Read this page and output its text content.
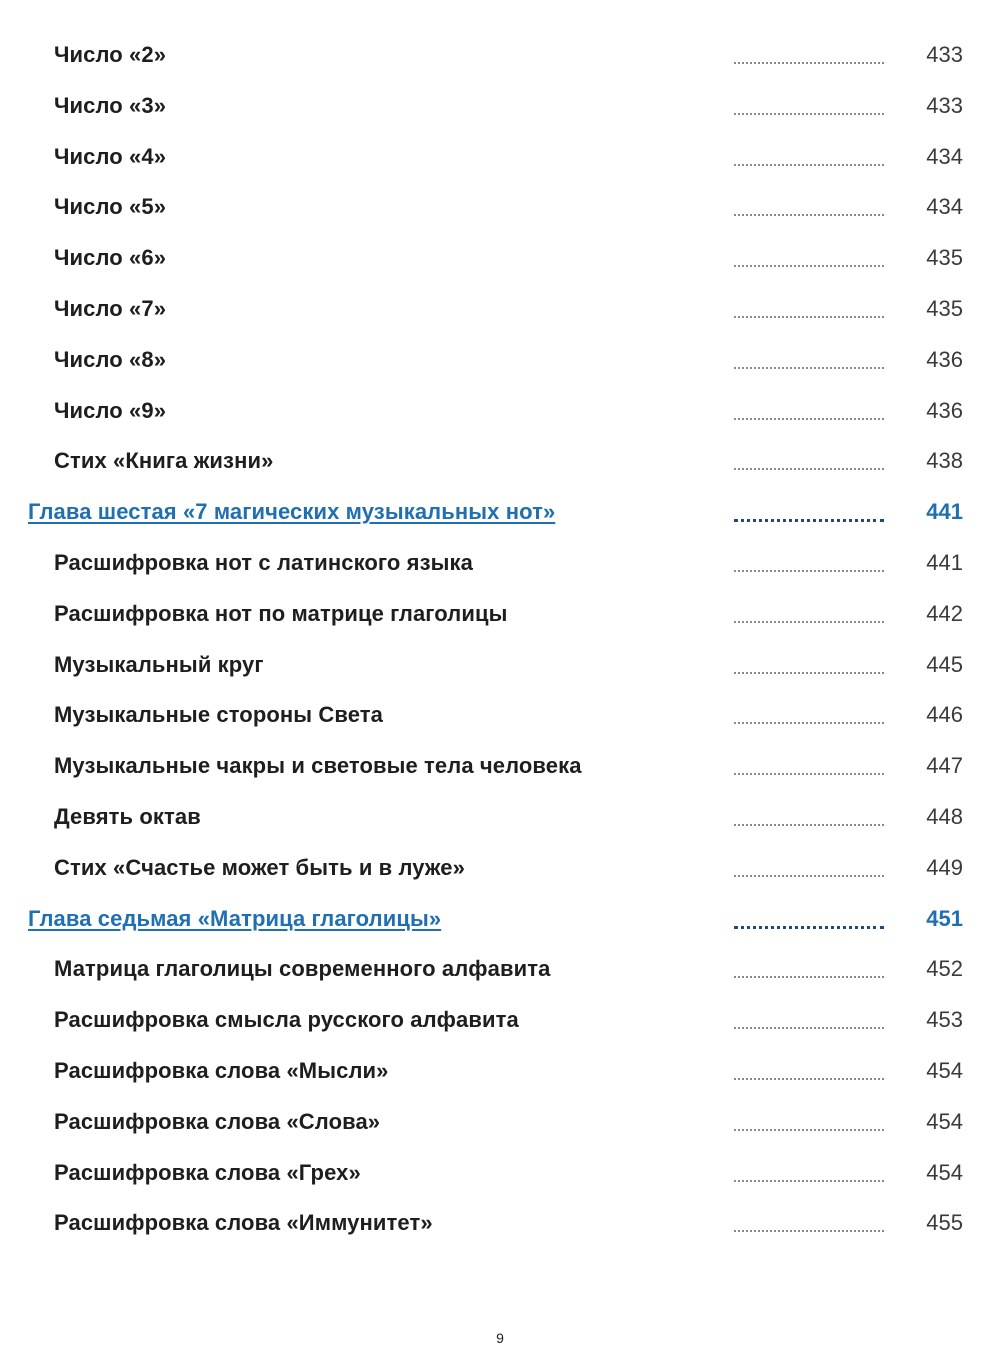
Число «2»	433
Число «3»	433
Число «4»	434
Число «5»	434
Число «6»	435
Число «7»	435
Число «8»	436
Число «9»	436
Стих «Книга жизни»	438
Глава шестая «7 магических музыкальных нот»	441
Расшифровка нот с латинского языка	441
Расшифровка нот по матрице глаголицы	442
Музыкальный круг	445
Музыкальные стороны Света	446
Музыкальные чакры и световые тела человека	447
Девять октав	448
Стих «Счастье может быть и в луже»	449
Глава седьмая «Матрица глаголицы»	451
Матрица глаголицы современного алфавита	452
Расшифровка смысла русского алфавита	453
Расшифровка слова «Мысли»	454
Расшифровка слова «Слова»	454
Расшифровка слова «Грех»	454
Расшифровка слова «Иммунитет»	455
9
